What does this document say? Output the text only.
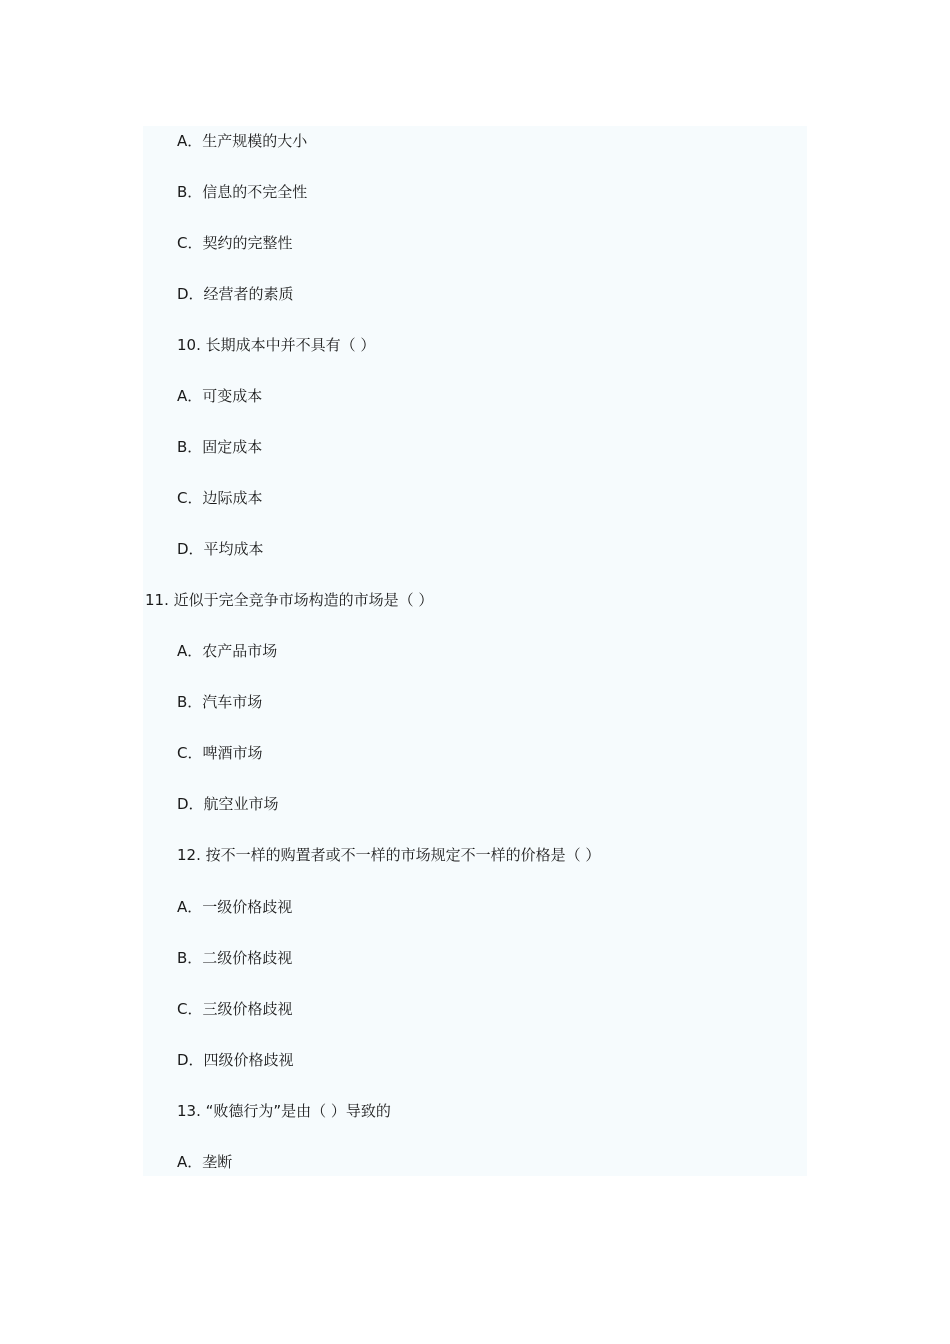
A．生产规模的大小
B．信息的不完全性
C．契约的完整性
D．经营者的素质
10. 长期成本中并不具有（ ）
A．可变成本
B．固定成本
C．边际成本
D．平均成本
11. 近似于完全竞争市场构造的市场是（ ）
A．农产品市场
B．汽车市场
C．啤酒市场
D．航空业市场
12. 按不一样的购置者或不一样的市场规定不一样的价格是（ ）
A．一级价格歧视
B．二级价格歧视
C．三级价格歧视
D．四级价格歧视
13. “败德行为”是由（ ）导致的
A．垄断
